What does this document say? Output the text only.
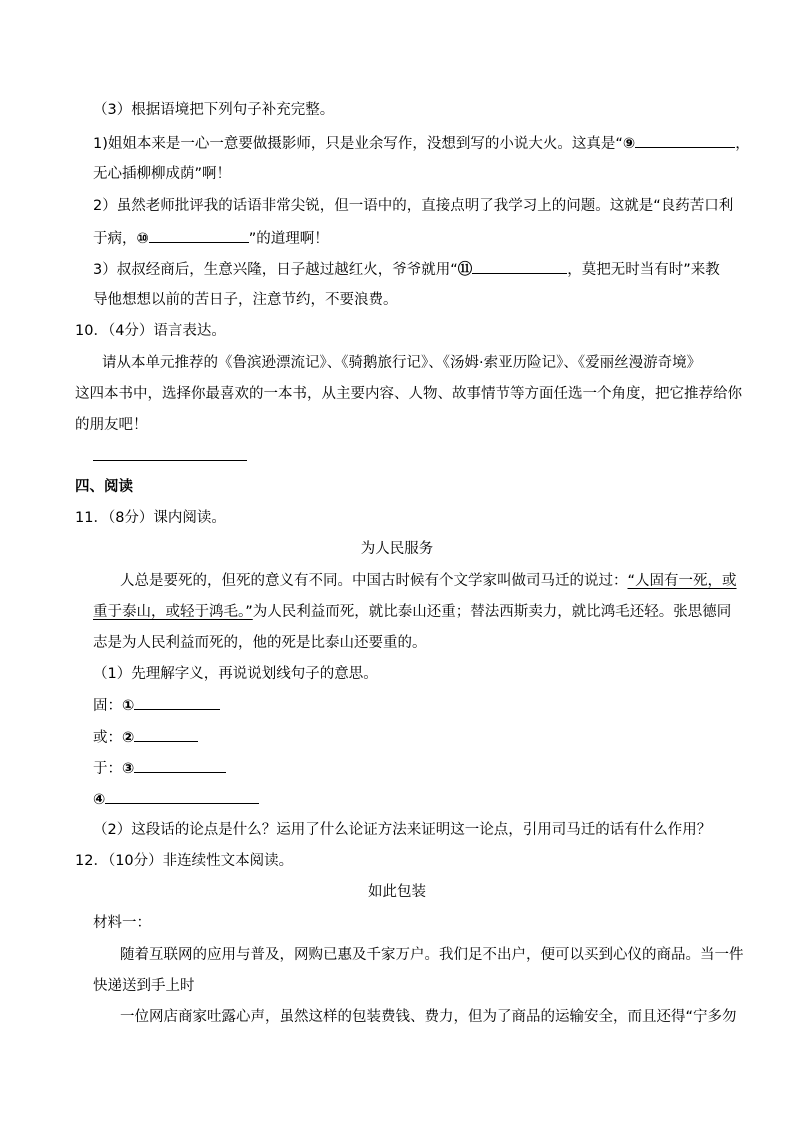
（3）根据语境把下列句子补充完整。
1)姐姐本来是一心一意要做摄影师，只是业余写作，没想到写的小说大火。这真是“⑨	，
无心插柳柳成荫”啊！
2）虽然老师批评我的话语非常尖锐，但一语中的，直接点明了我学习上的问题。这就是“良药苦口利
于病，⑩	”的道理啊！
3）叔叔经商后，生意兴隆，日子越过越红火，爷爷就用“⑪	，莫把无时当有时”来教
导他想想以前的苦日子，注意节约，不要浪费。
10．（4分）语言表达。
请从本单元推荐的《鲁滨逊漂流记》、《骑鹅旅行记》、《汤姆·索亚历险记》、《爱丽丝漫游奇境》
这四本书中，选择你最喜欢的一本书，从主要内容、人物、故事情节等方面任选一个角度，把它推荐给你
的朋友吧！
四、阅读
11．（8分）课内阅读。
为人民服务
人总是要死的，但死的意义有不同。中国古时候有个文学家叫做司马迁的说过：“人固有一死，或
重于泰山，或轻于鸿毛。”为人民利益而死，就比泰山还重；替法西斯卖力，就比鸿毛还轻。张思德同
志是为人民利益而死的，他的死是比泰山还要重的。
（1）先理解字义，再说说划线句子的意思。
固：①
或：②
于：③
④
（2）这段话的论点是什么？运用了什么论证方法来证明这一论点，引用司马迁的话有什么作用？
12．（10分）非连续性文本阅读。
如此包装
材料一：
随着互联网的应用与普及，网购已惠及千家万户。我们足不出户，便可以买到心仪的商品。当一件
快递送到手上时
一位网店商家吐露心声，虽然这样的包装费钱、费力，但为了商品的运输安全，而且还得“宁多勿
